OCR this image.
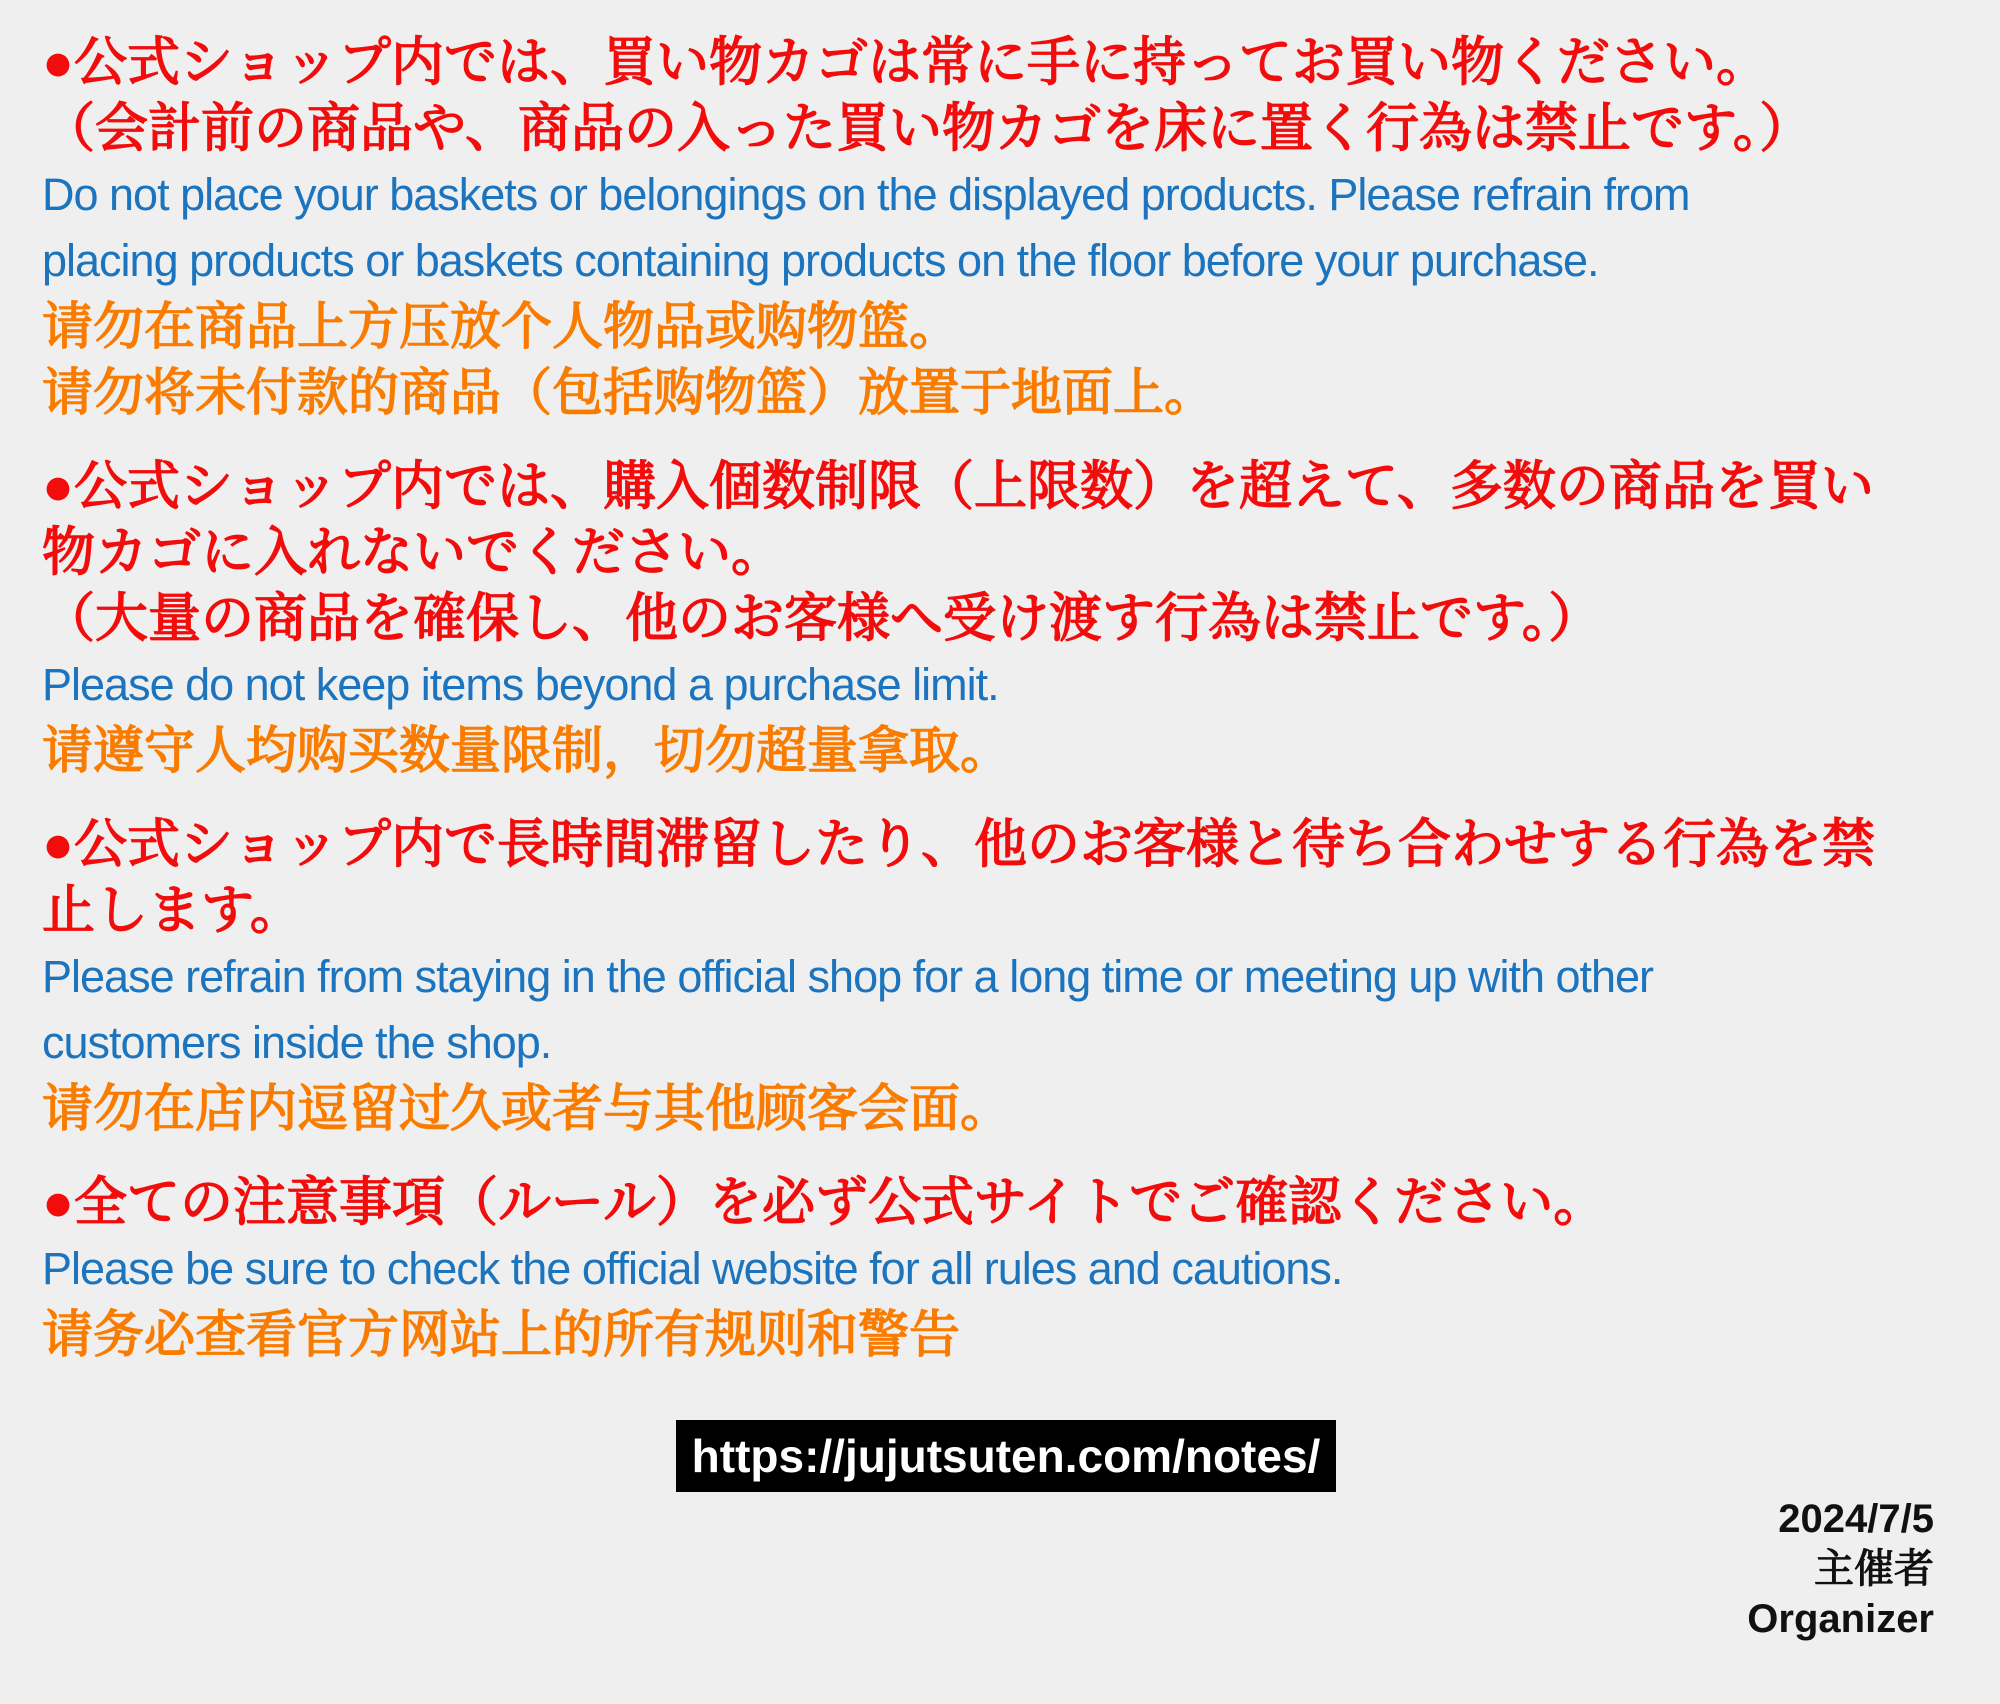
●公式ショップ内では、買い物カゴは常に手に持ってお買い物ください。
（会計前の商品や、商品の入った買い物カゴを床に置く行為は禁止です。）
Do not place your baskets or belongings on the displayed products. Please refrain from
placing products or baskets containing products on the floor before your purchase.
请勿在商品上方压放个人物品或购物篮。
请勿将未付款的商品（包括购物篮）放置于地面上。
●公式ショップ内では、購入個数制限（上限数）を超えて、多数の商品を買い
物カゴに入れないでください。
（大量の商品を確保し、他のお客様へ受け渡す行為は禁止です。）
Please do not keep items beyond a purchase limit.
请遵守人均购买数量限制，切勿超量拿取。
●公式ショップ内で長時間滞留したり、他のお客様と待ち合わせする行為を禁
止します。
Please refrain from staying in the official shop for a long time or meeting up with other
customers inside the shop.
请勿在店内逗留过久或者与其他顾客会面。
●全ての注意事項（ルール）を必ず公式サイトでご確認ください。
Please be sure to check the official website for all rules and cautions.
请务必查看官方网站上的所有规则和警告
https://jujutsuten.com/notes/
2024/7/5
主催者
Organizer
